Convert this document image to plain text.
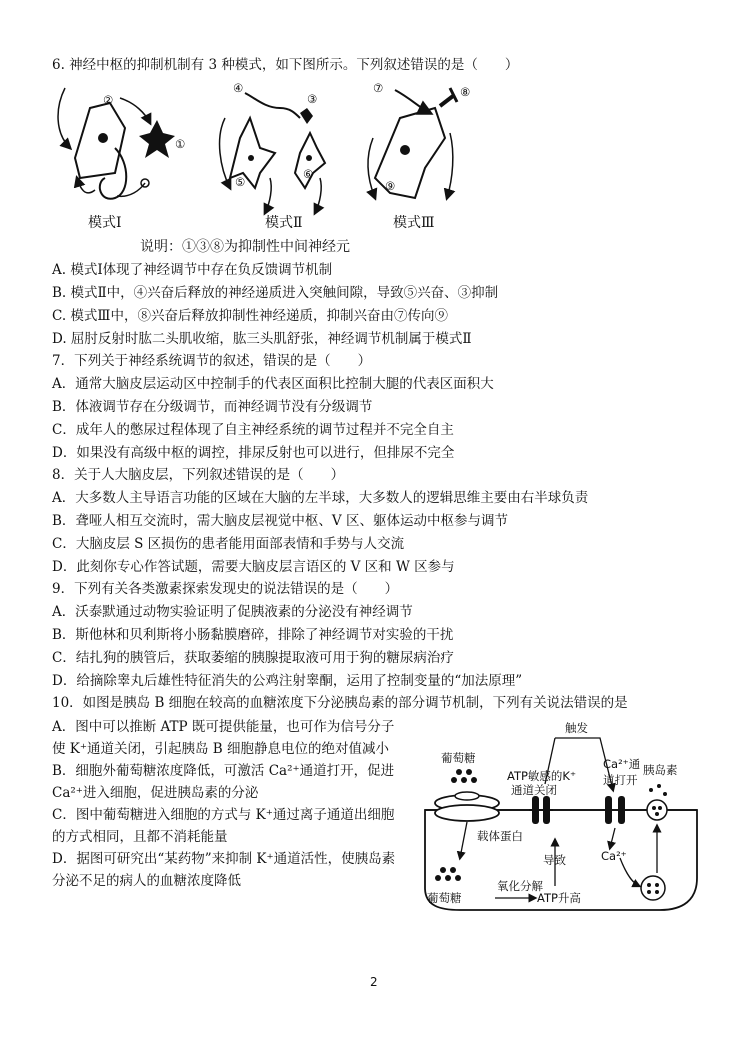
6. 神经中枢的抑制机制有 3 种模式，如下图所示。下列叙述错误的是（　　）
②
①
④
③
⑤
⑥
⑦	⑧
⑨
模式Ⅰ	模式Ⅱ	模式Ⅲ
说明：①③⑧为抑制性中间神经元
A. 模式Ⅰ体现了神经调节中存在负反馈调节机制
B. 模式Ⅱ中，④兴奋后释放的神经递质进入突触间隙，导致⑤兴奋、③抑制
C. 模式Ⅲ中，⑧兴奋后释放抑制性神经递质，抑制兴奋由⑦传向⑨
D. 屈肘反射时肱二头肌收缩，肱三头肌舒张，神经调节机制属于模式Ⅱ
7．下列关于神经系统调节的叙述，错误的是（　　）
A．通常大脑皮层运动区中控制手的代表区面积比控制大腿的代表区面积大
B．体液调节存在分级调节，而神经调节没有分级调节
C．成年人的憋尿过程体现了自主神经系统的调节过程并不完全自主
D．如果没有高级中枢的调控，排尿反射也可以进行，但排尿不完全
8．关于人大脑皮层，下列叙述错误的是（　　）
A．大多数人主导语言功能的区域在大脑的左半球，大多数人的逻辑思维主要由右半球负责
B．聋哑人相互交流时，需大脑皮层视觉中枢、V 区、躯体运动中枢参与调节
C．大脑皮层 S 区损伤的患者能用面部表情和手势与人交流
D．此刻你专心作答试题，需要大脑皮层言语区的 V 区和 W 区参与
9．下列有关各类激素探索发现史的说法错误的是（　　）
A．沃泰默通过动物实验证明了促胰液素的分泌没有神经调节
B．斯他林和贝利斯将小肠黏膜磨碎，排除了神经调节对实验的干扰
C．结扎狗的胰管后，获取萎缩的胰腺提取液可用于狗的糖尿病治疗
D．给摘除睾丸后雄性特征消失的公鸡注射睾酮，运用了控制变量的“加法原理”
10．如图是胰岛 B 细胞在较高的血糖浓度下分泌胰岛素的部分调节机制，下列有关说法错误的是

A．图中可以推断 ATP 既可提供能量，也可作为信号分子使 K⁺通道关闭，引起胰岛 B 细胞静息电位的绝对值减小

B．细胞外葡萄糖浓度降低，可激活 Ca²⁺通道打开，促进 Ca²⁺进入细胞，促进胰岛素的分泌

C．图中葡萄糖进入细胞的方式与 K⁺通过离子通道出细胞的方式相同，且都不消耗能量

D．据图可研究出“某药物”来抑制 K⁺通道活性，使胰岛素分泌不足的病人的血糖浓度降低

触发
葡萄糖
ATP敏感的K⁺
通道关闭
Ca²⁺通
道打开
胰岛素
载体蛋白
导致	Ca²⁺
葡萄糖
氧化分解
ATP升高
2
